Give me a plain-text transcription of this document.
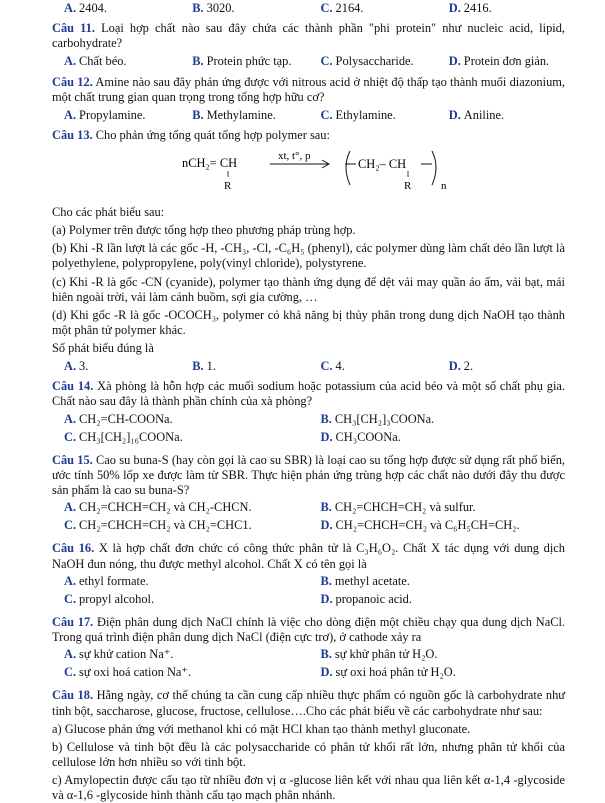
A. 2404.	B. 3020.	C. 2164.	D. 2416.
Câu 11. Loại hợp chất nào sau đây chứa các thành phần "phi protein" như nucleic acid, lipid, carbohydrate?
A. Chất béo.	B. Protein phức tạp.	C. Polysaccharide.	D. Protein đơn giản.
Câu 12. Amine nào sau đây phản ứng được với nitrous acid ở nhiệt độ thấp tạo thành muối diazonium, một chất trung gian quan trọng trong tổng hợp hữu cơ?
A. Propylamine.	B. Methylamine.	C. Ethylamine.	D. Aniline.
Câu 13. Cho phản ứng tổng quát tổng hợp polymer sau:
nCH₂= CH
R
xt, t°, p
CH₂– CH
R	n
Cho các phát biểu sau:
(a) Polymer trên được tổng hợp theo phương pháp trùng hợp.
(b) Khi -R lần lượt là các gốc -H, -CH₃, -Cl, -C₆H₅ (phenyl), các polymer dùng làm chất dẻo lần lượt là polyethylene, polypropylene, poly(vinyl chloride), polystyrene.
(c) Khi -R là gốc -CN (cyanide), polymer tạo thành ứng dụng để dệt vải may quần áo ấm, vải bạt, mái hiên ngoài trời, vải làm cánh buồm, sợi gia cường, …
(d) Khi gốc -R là gốc -OCOCH₃, polymer có khả năng bị thủy phân trong dung dịch NaOH tạo thành một phân tử polymer khác.
Số phát biểu đúng là
A. 3.	B. 1.	C. 4.	D. 2.
Câu 14. Xà phòng là hỗn hợp các muối sodium hoặc potassium của acid béo và một số chất phụ gia. Chất nào sau đây là thành phần chính của xà phòng?
A. CH₂=CH-COONa.	B. CH₃[CH₂]₃COONa.
C. CH₃[CH₂]₁₆COONa.	D. CH₃COONa.
Câu 15. Cao su buna-S (hay còn gọi là cao su SBR) là loại cao su tổng hợp được sử dụng rất phổ biến, ước tính 50% lốp xe được làm từ SBR. Thực hiện phản ứng trùng hợp các chất nào dưới đây thu được sản phẩm là cao su buna-S?
A. CH₂=CHCH=CH₂ và CH₂-CHCN.	B. CH₂=CHCH=CH₂ và sulfur.
C. CH₂=CHCH=CH₂ và CH₂=CHC1.	D. CH₂=CHCH=CH₂ và C₆H₅CH=CH₂.
Câu 16. X là hợp chất đơn chức có công thức phân tử là C₃H₆O₂. Chất X tác dụng với dung dịch NaOH đun nóng, thu được methyl alcohol. Chất X có tên gọi là
A. ethyl formate.	B. methyl acetate.
C. propyl alcohol.	D. propanoic acid.
Câu 17. Điện phân dung dịch NaCl chính là việc cho dòng điện một chiều chạy qua dung dịch NaCl. Trong quá trình điện phân dung dịch NaCl (điện cực trơ), ở cathode xảy ra
A. sự khử cation Na⁺.	B. sự khử phân tử H₂O.
C. sự oxi hoá cation Na⁺.	D. sự oxi hoá phân tử H₂O.
Câu 18. Hằng ngày, cơ thể chúng ta cần cung cấp nhiều thực phẩm có nguồn gốc là carbohydrate như tinh bột, saccharose, glucose, fructose, cellulose….Cho các phát biểu về các carbohydrate như sau:
a) Glucose phản ứng với methanol khi có mặt HCl khan tạo thành methyl gluconate.
b) Cellulose và tinh bột đều là các polysaccharide có phân tử khối rất lớn, nhưng phân tử khối của cellulose lớn hơn nhiều so với tinh bột.
c) Amylopectin được cấu tạo từ nhiều đơn vị α -glucose liên kết với nhau qua liên kết α-1,4 -glycoside và α-1,6 -glycoside hình thành cấu tạo mạch phân nhánh.
